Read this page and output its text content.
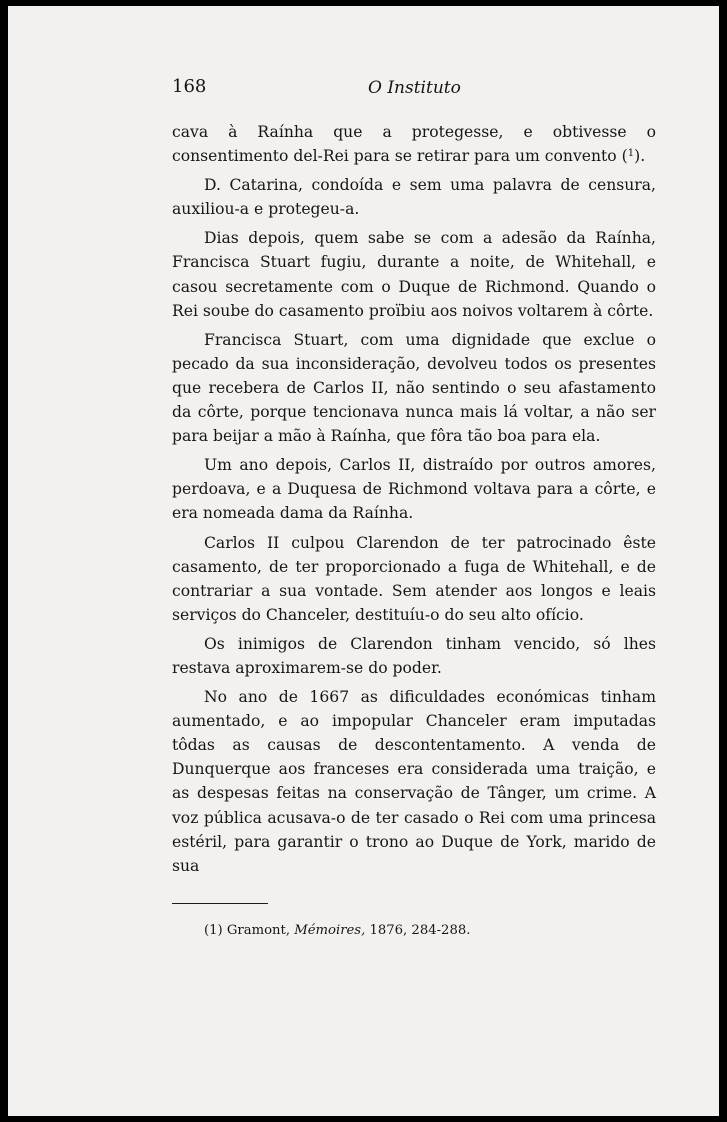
168	O Instituto

cava à Raínha que a protegesse, e obtivesse o consentimento del-Rei para se retirar para um convento ($^1$).

D. Catarina, condoída e sem uma palavra de censura, auxiliou-a e protegeu-a.

Dias depois, quem sabe se com a adesão da Raínha, Francisca Stuart fugiu, durante a noite, de Whitehall, e casou secretamente com o Duque de Richmond. Quando o Rei soube do casamento proïbiu aos noivos voltarem à côrte.

Francisca Stuart, com uma dignidade que exclue o pecado da sua inconsideração, devolveu todos os presentes que recebera de Carlos II, não sentindo o seu afastamento da côrte, porque tencionava nunca mais lá voltar, a não ser para beijar a mão à Raínha, que fôra tão boa para ela.

Um ano depois, Carlos II, distraído por outros amores, perdoava, e a Duquesa de Richmond voltava para a côrte, e era nomeada dama da Raínha.

Carlos II culpou Clarendon de ter patrocinado êste casamento, de ter proporcionado a fuga de Whitehall, e de contrariar a sua vontade. Sem atender aos longos e leais serviços do Chanceler, destituíu-o do seu alto ofício.

Os inimigos de Clarendon tinham vencido, só lhes restava aproximarem-se do poder.

No ano de 1667 as dificuldades económicas tinham aumentado, e ao impopular Chanceler eram imputadas tôdas as causas de descontentamento. A venda de Dunquerque aos franceses era considerada uma traição, e as despesas feitas na conservação de Tânger, um crime. A voz pública acusava-o de ter casado o Rei com uma princesa estéril, para garantir o trono ao Duque de York, marido de sua

(1) Gramont, Mémoires, 1876, 284-288.
